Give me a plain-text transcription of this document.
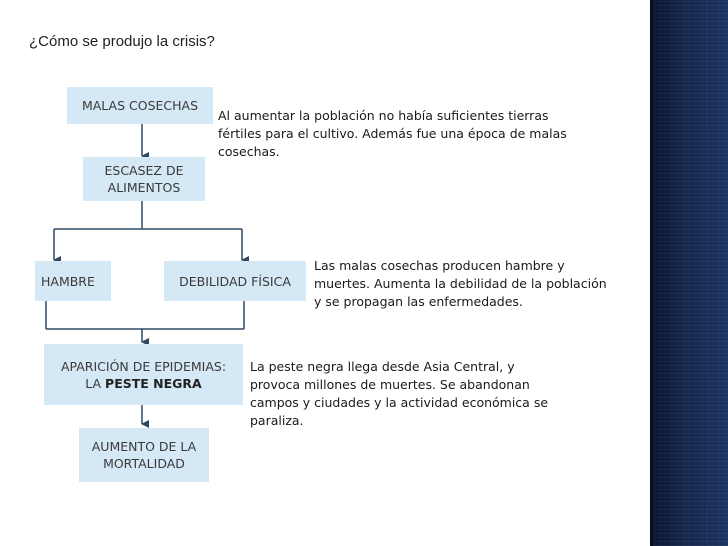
¿Cómo se produjo la crisis?
MALAS COSECHAS
ESCASEZ DE
ALIMENTOS
HAMBRE	DEBILIDAD FÍSICA
APARICIÓN DE EPIDEMIAS:
LA PESTE NEGRA
AUMENTO DE LA
MORTALIDAD
Al aumentar la población no había suficientes tierras
fértiles para el cultivo. Además fue una época de malas
cosechas.
Las malas cosechas producen hambre y
muertes. Aumenta la debilidad de la población
y se propagan las enfermedades.
La peste negra llega desde Asia Central, y
provoca millones de muertes. Se abandonan
campos y ciudades y la actividad económica se
paraliza.
